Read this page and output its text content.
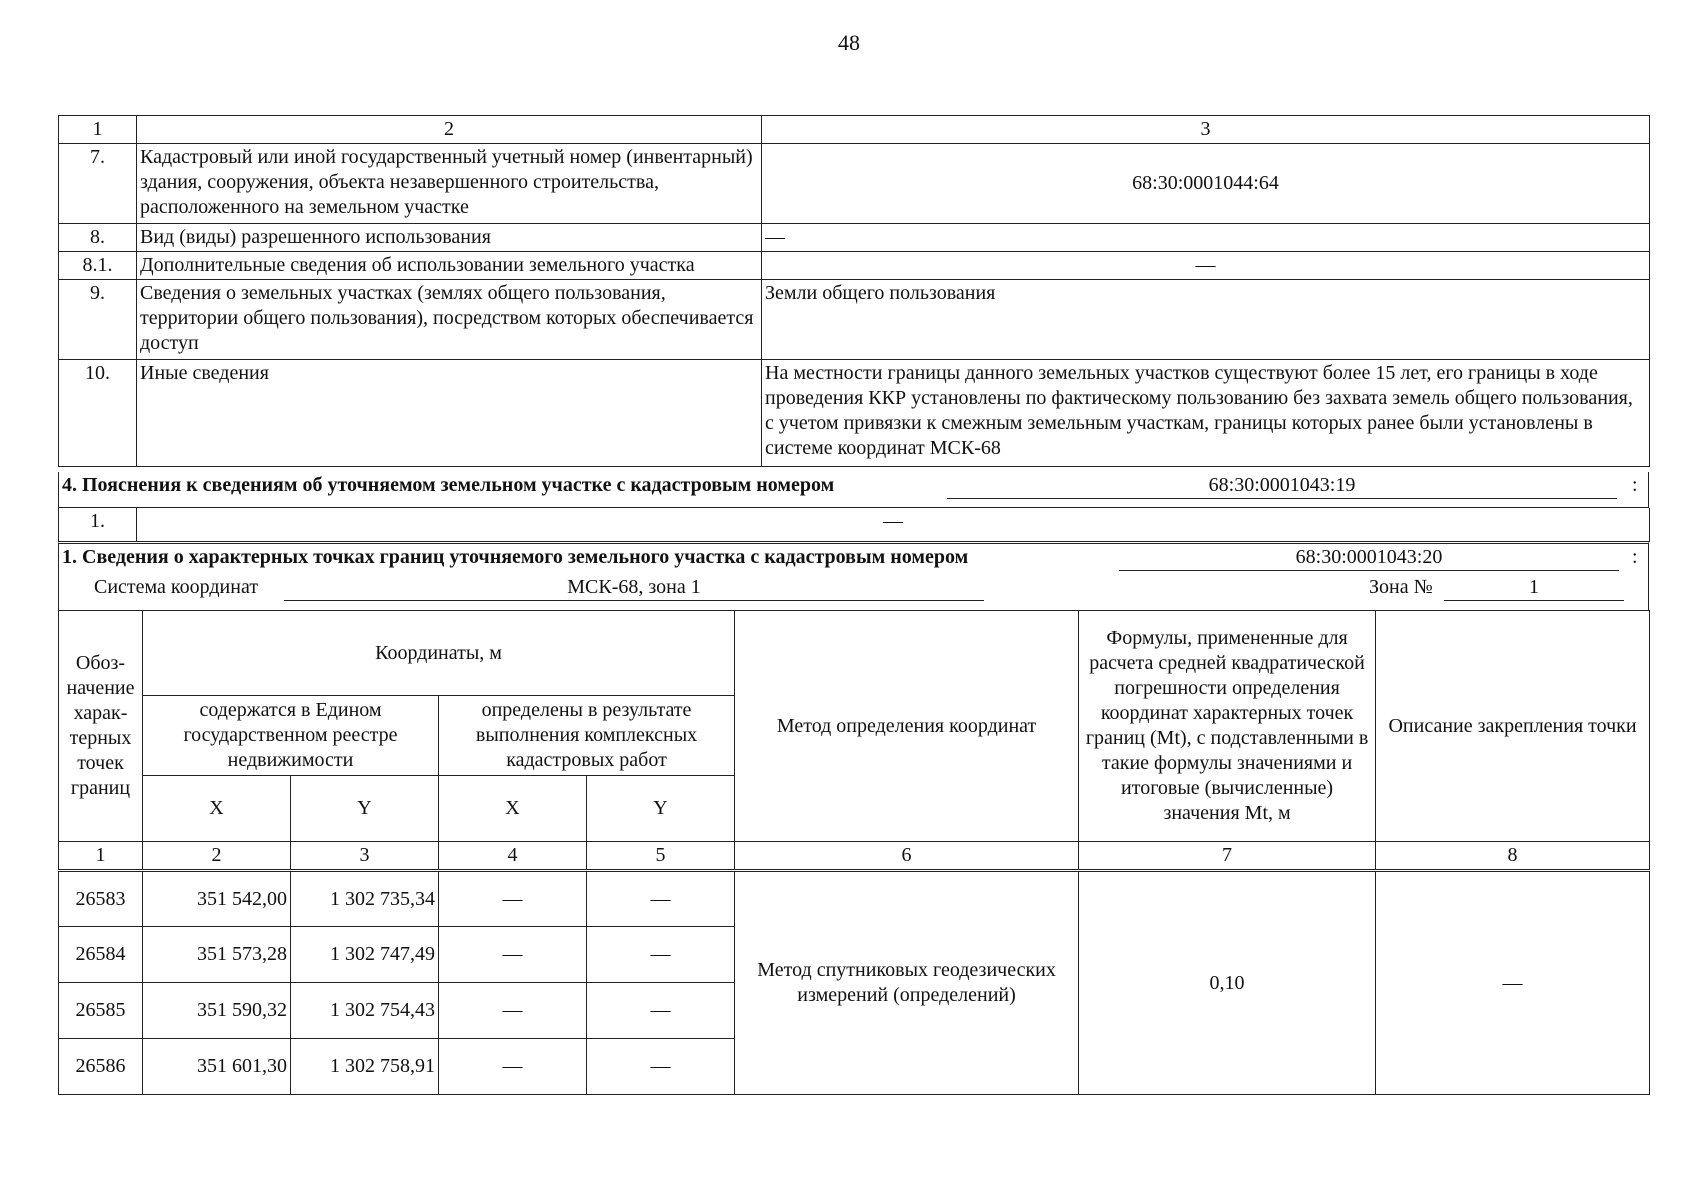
48
1	2	3
7.	Кадастровый или иной государственный учетный номер (инвентарный) здания, сооружения, объекта незавершенного строительства, расположенного на земельном участке	68:30:0001044:64
8.	Вид (виды) разрешенного использования	—
8.1.	Дополнительные сведения об использовании земельного участка	—
9.	Сведения о земельных участках (землях общего пользования, территории общего пользования), посредством которых обеспечивается доступ	Земли общего пользования
10.	Иные сведения	На местности границы данного земельных участков существуют более 15 лет, его границы в ходе проведения ККР установлены по фактическому пользованию без захвата земель общего пользования, с учетом привязки к смежным земельным участкам, границы которых ранее были установлены в системе координат МСК-68
4. Пояснения к сведениям об уточняемом земельном участке с кадастровым номером	68:30:0001043:19	:
1.	—
1. Сведения о характерных точках границ уточняемого земельного участка с кадастровым номером	68:30:0001043:20	:
Система координат	МСК-68, зона 1	Зона №	1
Обоз-начение харак-терных точек границ	Координаты, м				Метод определения координат	Формулы, примененные для расчета средней квадратической погрешности определения координат характерных точек границ (Mt), с подставленными в такие формулы значениями и итоговые (вычисленные) значения Mt, м	Описание закрепления точки
	содержатся в Едином государственном реестре недвижимости		определены в результате выполнения комплексных кадастровых работ				
	X	Y	X	Y			
1	2	3	4	5	6	7	8
26583	351 542,00	1 302 735,34	—	—	Метод спутниковых геодезических измерений (определений)	0,10	—
26584	351 573,28	1 302 747,49	—	—			
26585	351 590,32	1 302 754,43	—	—			
26586	351 601,30	1 302 758,91	—	—			
